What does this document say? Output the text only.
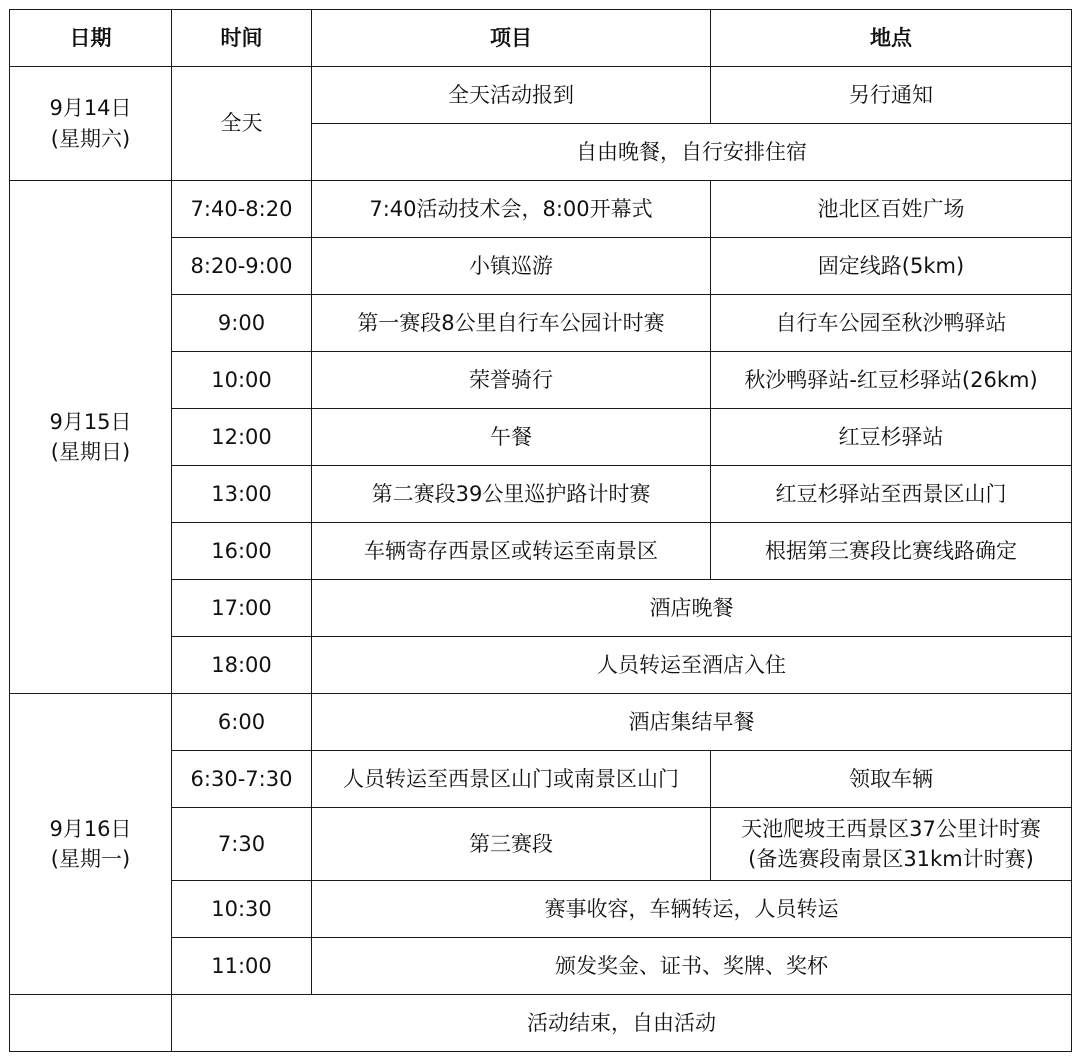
日期	时间	项目	地点

9月14日
(星期六)	全天	全天活动报到	另行通知
		自由晚餐，自行安排住宿	

9月15日
(星期日)	7:40-8:20	7:40活动技术会，8:00开幕式	池北区百姓广场
	8:20-9:00	小镇巡游	固定线路(5km)
	9:00	第一赛段8公里自行车公园计时赛	自行车公园至秋沙鸭驿站
	10:00	荣誉骑行	秋沙鸭驿站-红豆杉驿站(26km)
	12:00	午餐	红豆杉驿站
	13:00	第二赛段39公里巡护路计时赛	红豆杉驿站至西景区山门
	16:00	车辆寄存西景区或转运至南景区	根据第三赛段比赛线路确定
	17:00	酒店晚餐	
	18:00	人员转运至酒店入住	

9月16日
(星期一)	6:00	酒店集结早餐	
	6:30-7:30	人员转运至西景区山门或南景区山门	领取车辆
	7:30	第三赛段	天池爬坡王西景区37公里计时赛
(备选赛段南景区31km计时赛)

	10:30	赛事收容，车辆转运，人员转运	
	11:00	颁发奖金、证书、奖牌、奖杯	
	活动结束，自由活动		
